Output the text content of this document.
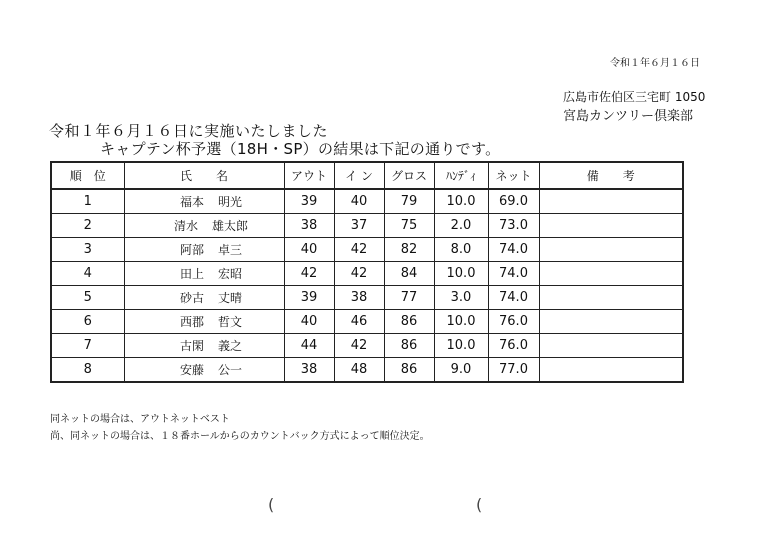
令和１年６月１６日
広島市佐伯区三宅町 1050
宮島カンツリー倶楽部
令和１年６月１６日に実施いたしました
キャプテン杯予選（18H・SP）の結果は下記の通りです。
順　位	氏　　名	アウト	イ ン	グロス	ﾊﾝﾃﾞｨ	ネット	備　　考
1	福本 明光	39	40	79	10.0	69.0	
2	清水 雄太郎	38	37	75	2.0	73.0	
3	阿部 卓三	40	42	82	8.0	74.0	
4	田上 宏昭	42	42	84	10.0	74.0	
5	砂古 丈晴	39	38	77	3.0	74.0	
6	西郡 哲文	40	46	86	10.0	76.0	
7	古閑 義之	44	42	86	10.0	76.0	
8	安藤 公一	38	48	86	9.0	77.0	
同ネットの場合は、アウトネットベスト
尚、同ネットの場合は、１８番ホールからのカウントバック方式によって順位決定。
(	(
